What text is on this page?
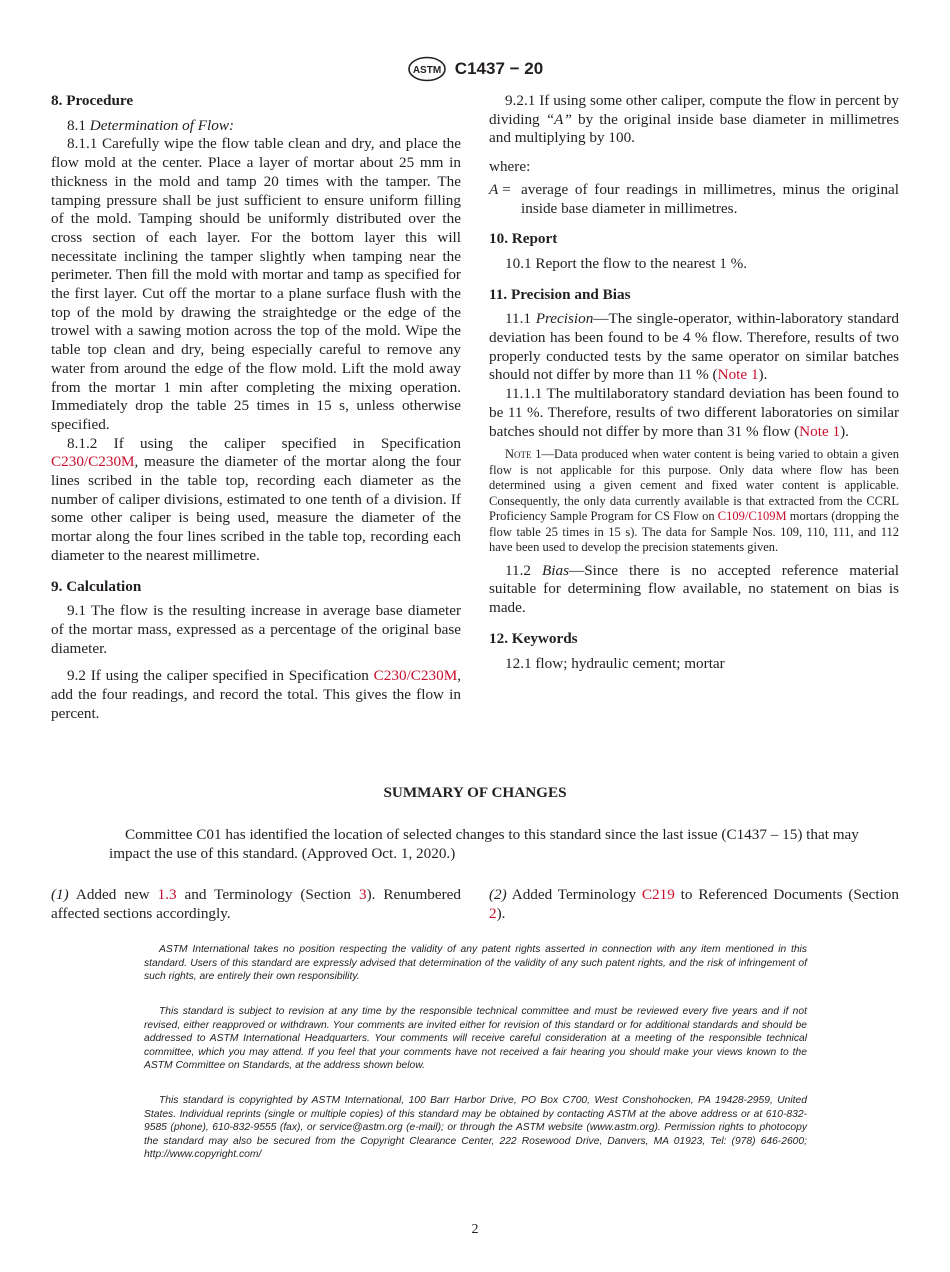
ASTM C1437 − 20
8. Procedure

8.1 Determination of Flow:

8.1.1 Carefully wipe the flow table clean and dry, and place the flow mold at the center. Place a layer of mortar about 25 mm in thickness in the mold and tamp 20 times with the tamper. The tamping pressure shall be just sufficient to ensure uniform filling of the mold. Tamping should be uniformly distributed over the cross section of each layer. For the bottom layer this will necessitate inclining the tamper slightly when tamping near the perimeter. Then fill the mold with mortar and tamp as specified for the first layer. Cut off the mortar to a plane surface flush with the top of the mold by drawing the straightedge or the edge of the trowel with a sawing motion across the top of the mold. Wipe the table top clean and dry, being especially careful to remove any water from around the edge of the flow mold. Lift the mold away from the mortar 1 min after completing the mixing operation. Immediately drop the table 25 times in 15 s, unless otherwise specified.

8.1.2 If using the caliper specified in Specification C230/C230M, measure the diameter of the mortar along the four lines scribed in the table top, recording each diameter as the number of caliper divisions, estimated to one tenth of a division. If some other caliper is being used, measure the diameter of the mortar along the four lines scribed in the table top, recording each diameter to the nearest millimetre.

9. Calculation

9.1 The flow is the resulting increase in average base diameter of the mortar mass, expressed as a percentage of the original base diameter.

9.2 If using the caliper specified in Specification C230/C230M, add the four readings, and record the total. This gives the flow in percent.

9.2.1 If using some other caliper, compute the flow in percent by dividing “A” by the original inside base diameter in millimetres and multiplying by 100.

where:

A = average of four readings in millimetres, minus the original inside base diameter in millimetres.
10. Report

10.1 Report the flow to the nearest 1 %.

11. Precision and Bias

11.1 Precision—The single-operator, within-laboratory standard deviation has been found to be 4 % flow. Therefore, results of two properly conducted tests by the same operator on similar batches should not differ by more than 11 % (Note 1).

11.1.1 The multilaboratory standard deviation has been found to be 11 %. Therefore, results of two different laboratories on similar batches should not differ by more than 31 % flow (Note 1).

Note 1—Data produced when water content is being varied to obtain a given flow is not applicable for this purpose. Only data where flow has been determined using a given cement and fixed water content is applicable. Consequently, the only data currently available is that extracted from the CCRL Proficiency Sample Program for CS Flow on C109/C109M mortars (dropping the flow table 25 times in 15 s). The data for Sample Nos. 109, 110, 111, and 112 have been used to develop the precision statements given.

11.2 Bias—Since there is no accepted reference material suitable for determining flow available, no statement on bias is made.

12. Keywords

12.1 flow; hydraulic cement; mortar

SUMMARY OF CHANGES

Committee C01 has identified the location of selected changes to this standard since the last issue (C1437 – 15) that may impact the use of this standard. (Approved Oct. 1, 2020.)

(1) Added new 1.3 and Terminology (Section 3). Renumbered affected sections accordingly.

(2) Added Terminology C219 to Referenced Documents (Section 2).

ASTM International takes no position respecting the validity of any patent rights asserted in connection with any item mentioned in this standard. Users of this standard are expressly advised that determination of the validity of any such patent rights, and the risk of infringement of such rights, are entirely their own responsibility.

This standard is subject to revision at any time by the responsible technical committee and must be reviewed every five years and if not revised, either reapproved or withdrawn. Your comments are invited either for revision of this standard or for additional standards and should be addressed to ASTM International Headquarters. Your comments will receive careful consideration at a meeting of the responsible technical committee, which you may attend. If you feel that your comments have not received a fair hearing you should make your views known to the ASTM Committee on Standards, at the address shown below.

This standard is copyrighted by ASTM International, 100 Barr Harbor Drive, PO Box C700, West Conshohocken, PA 19428-2959, United States. Individual reprints (single or multiple copies) of this standard may be obtained by contacting ASTM at the above address or at 610-832-9585 (phone), 610-832-9555 (fax), or service@astm.org (e-mail); or through the ASTM website (www.astm.org). Permission rights to photocopy the standard may also be secured from the Copyright Clearance Center, 222 Rosewood Drive, Danvers, MA 01923, Tel: (978) 646-2600; http://www.copyright.com/

2
